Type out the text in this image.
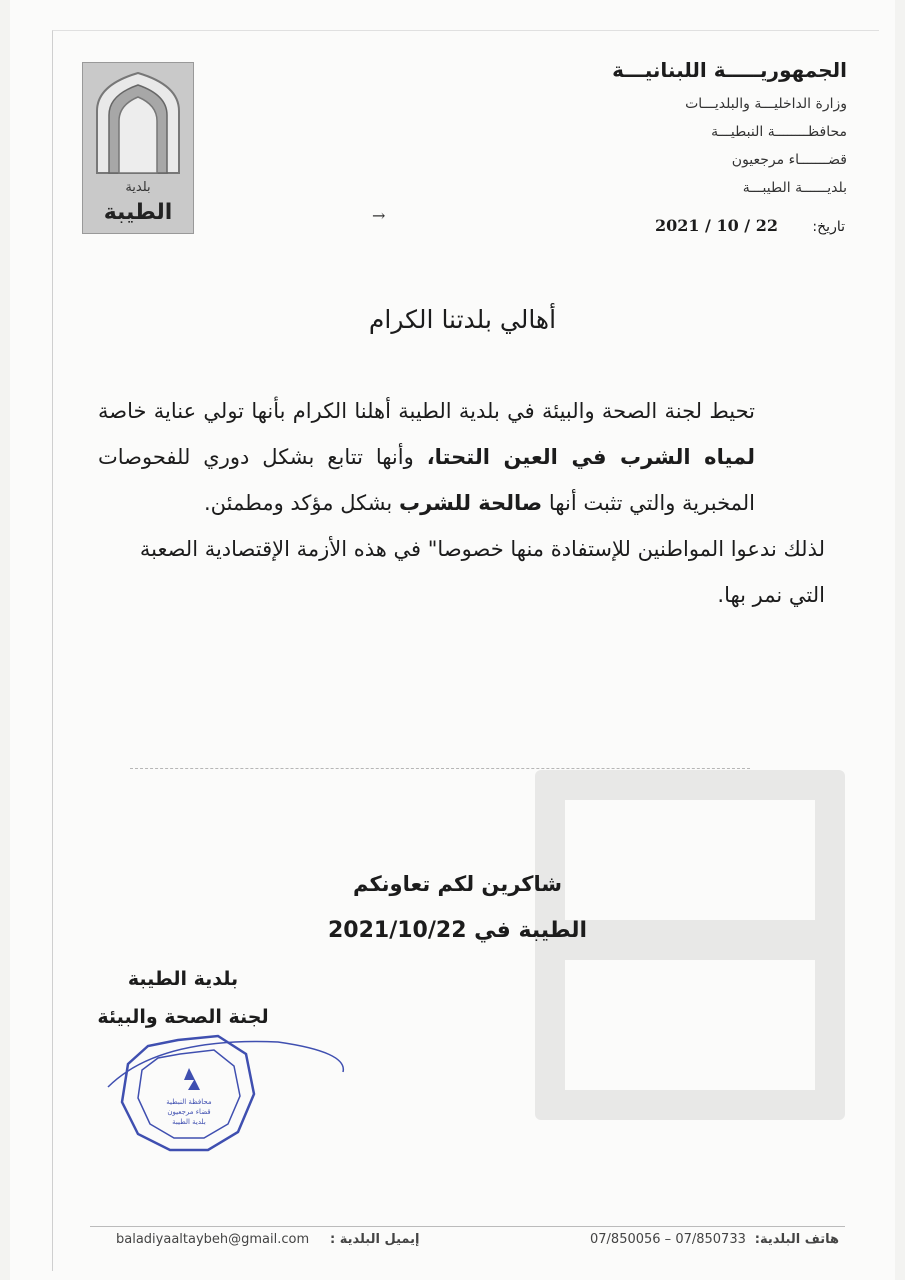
بلدية
الطيبة
الجمهوريـــــة اللبنانيـــة
وزارة الداخليـــة والبلديـــات
محافظــــــــة النبطيـــة
قضـــــــاء مرجعيون
بلديــــــة الطيبـــة
تاريخ: 2021 / 10 / 22
→
أهالي بلدتنا الكرام

تحيط لجنة الصحة والبيئة في بلدية الطيبة أهلنا الكرام بأنها تولي عناية خاصة لمياه الشرب في العين التحتا، وأنها تتابع بشكل دوري للفحوصات المخبرية والتي تثبت أنها صالحة للشرب بشكل مؤكد ومطمئن.

لذلك ندعوا المواطنين للإستفادة منها خصوصا" في هذه الأزمة الإقتصادية الصعبة التي نمر بها.

شاكرين لكم تعاونكم
الطيبة في 2021/10/22
بلدية الطيبة
لجنة الصحة والبيئة
محافظة النبطية
قضاء مرجعيون
بلدية الطيبة
baladiyaaltaybeh@gmail.com إيميل البلدية :	07/850056 – 07/850733 هاتف البلدية:
